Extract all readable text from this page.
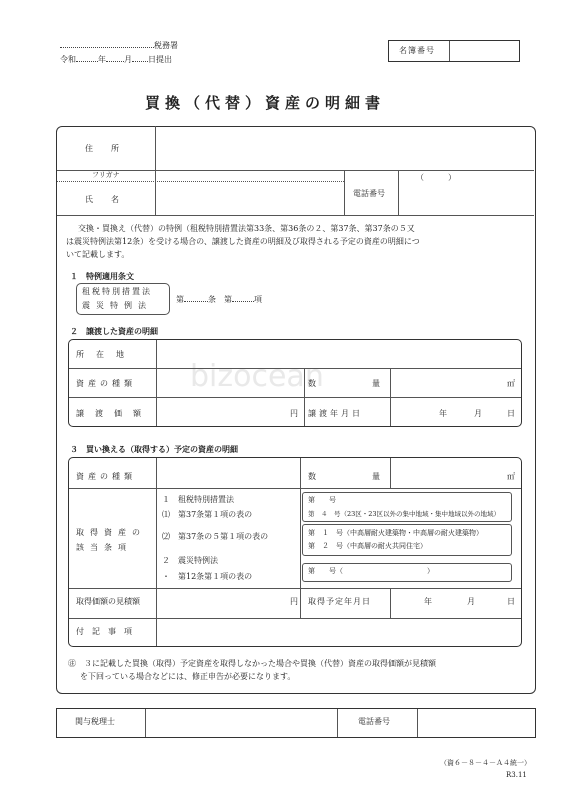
税務署
令和	年 月 日提出
名簿番号
買換（代替）資産の明細書
bizocean
住　所
フリガナ
氏　名
電話番号
（　　　）
交換・買換え（代替）の特例（租税特別措置法第33条、第36条の２、第37条、第37条の５又
は震災特例法第12条）を受ける場合の、譲渡した資産の明細及び取得される予定の資産の明細につ
いて記載します。
１　特例適用条文
租税特別措置法
震災特例法
第	条 第	項
２　譲渡した資産の明細
所在地
資産の種類	数量	㎡
譲渡価額	円 譲渡年月日	年	月	日
３　買い換える（取得する）予定の資産の明細
資産の種類	数量	㎡
取得資産の
該当条項
１　租税特別措置法
⑴　第37条第１項の表の
⑵　第37条の５第１項の表の
２　震災特例法
・　第12条第１項の表の
第　　号
第　４　号（23区・23区以外の集中地域・集中地域以外の地域）
第　１　号（中高層耐火建築物・中高層の耐火建築物）
第　２　号（中高層の耐火共同住宅）
第　　号（　　　　　　　　　　　　）
取得価額の見積額	円 取得予定年月日	年	月	日
付記事項
㊟　３に記載した買換（取得）予定資産を取得しなかった場合や買換（代替）資産の取得価額が見積額
を下回っている場合などには、修正申告が必要になります。
関与税理士	電話番号
（資６－８－４－Ａ４統一）
R3.11
